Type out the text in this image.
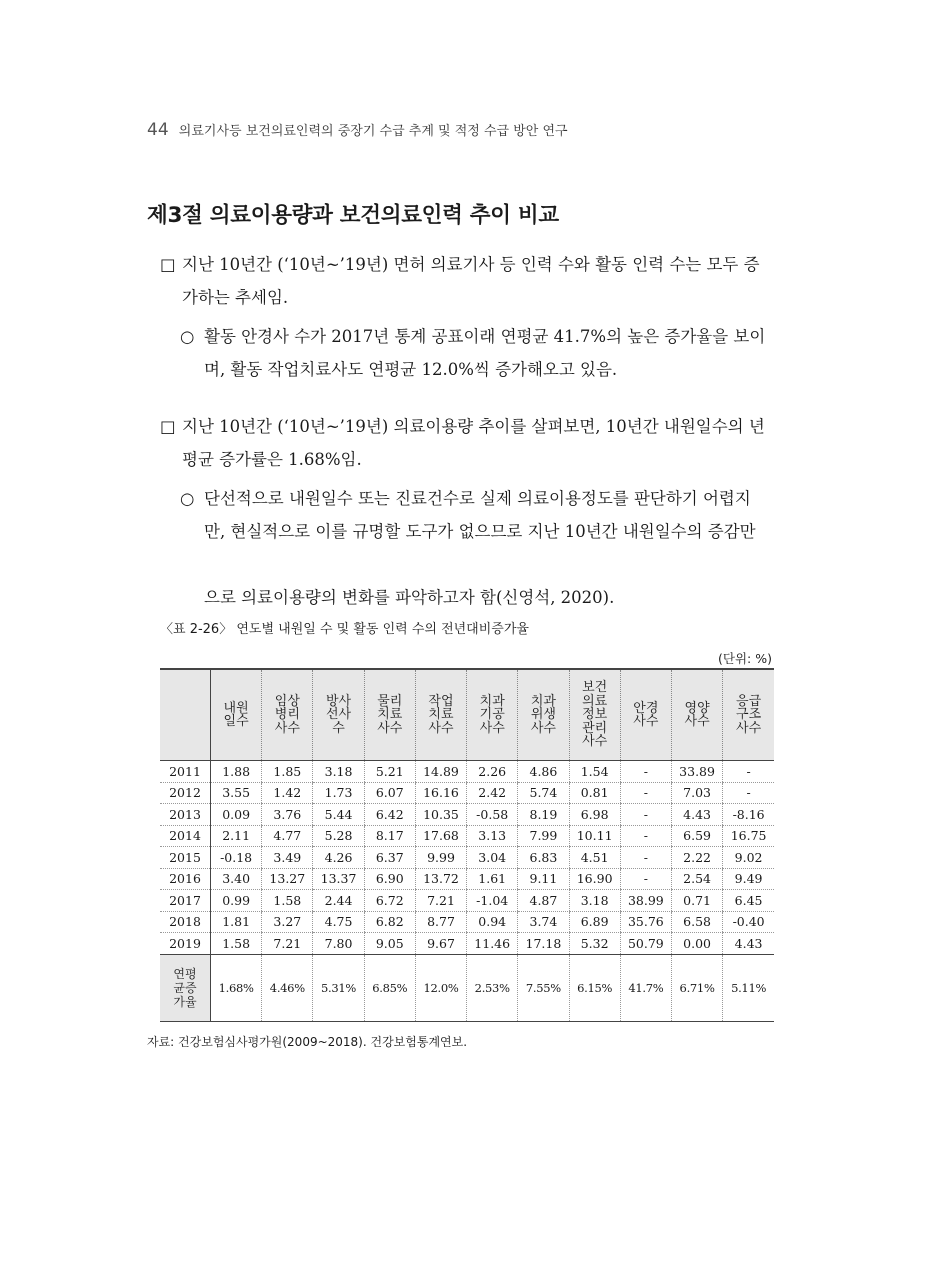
44 의료기사등 보건의료인력의 중장기 수급 추계 및 적정 수급 방안 연구
제3절 의료이용량과 보건의료인력 추이 비교
□ 지난 10년간 (‘10년~’19년) 면허 의료기사 등 인력 수와 활동 인력 수는 모두 증

가하는 추세임.
○ 활동 안경사 수가 2017년 통계 공표이래 연평균 41.7%의 높은 증가율을 보이

며, 활동 작업치료사도 연평균 12.0%씩 증가해오고 있음.
□ 지난 10년간 (‘10년~’19년) 의료이용량 추이를 살펴보면, 10년간 내원일수의 년

평균 증가률은 1.68%임.
○ 단선적으로 내원일수 또는 진료건수로 실제 의료이용정도를 판단하기 어렵지

만, 현실적으로 이를 규명할 도구가 없으므로 지난 10년간 내원일수의 증감만

으로 의료이용량의 변화를 파악하고자 함(신영석, 2020).
〈표 2-26〉 연도별 내원일 수 및 활동 인력 수의 전년대비증가율
(단위: %)
	내원일수	임상병리사수	방사선사수	물리치료사수	작업치료사수	치과기공사수	치과위생사수	보건의료정보관리사수	안경사수	영양사수	응급구조사수
2011	1.88	1.85	3.18	5.21	14.89	2.26	4.86	1.54	-	33.89	-
2012	3.55	1.42	1.73	6.07	16.16	2.42	5.74	0.81	-	7.03	-
2013	0.09	3.76	5.44	6.42	10.35	-0.58	8.19	6.98	-	4.43	-8.16
2014	2.11	4.77	5.28	8.17	17.68	3.13	7.99	10.11	-	6.59	16.75
2015	-0.18	3.49	4.26	6.37	9.99	3.04	6.83	4.51	-	2.22	9.02
2016	3.40	13.27	13.37	6.90	13.72	1.61	9.11	16.90	-	2.54	9.49
2017	0.99	1.58	2.44	6.72	7.21	-1.04	4.87	3.18	38.99	0.71	6.45
2018	1.81	3.27	4.75	6.82	8.77	0.94	3.74	6.89	35.76	6.58	-0.40
2019	1.58	7.21	7.80	9.05	9.67	11.46	17.18	5.32	50.79	0.00	4.43
연평균증가율	1.68%	4.46%	5.31%	6.85%	12.0%	2.53%	7.55%	6.15%	41.7%	6.71%	5.11%
자료: 건강보험심사평가원(2009~2018). 건강보험통계연보.
